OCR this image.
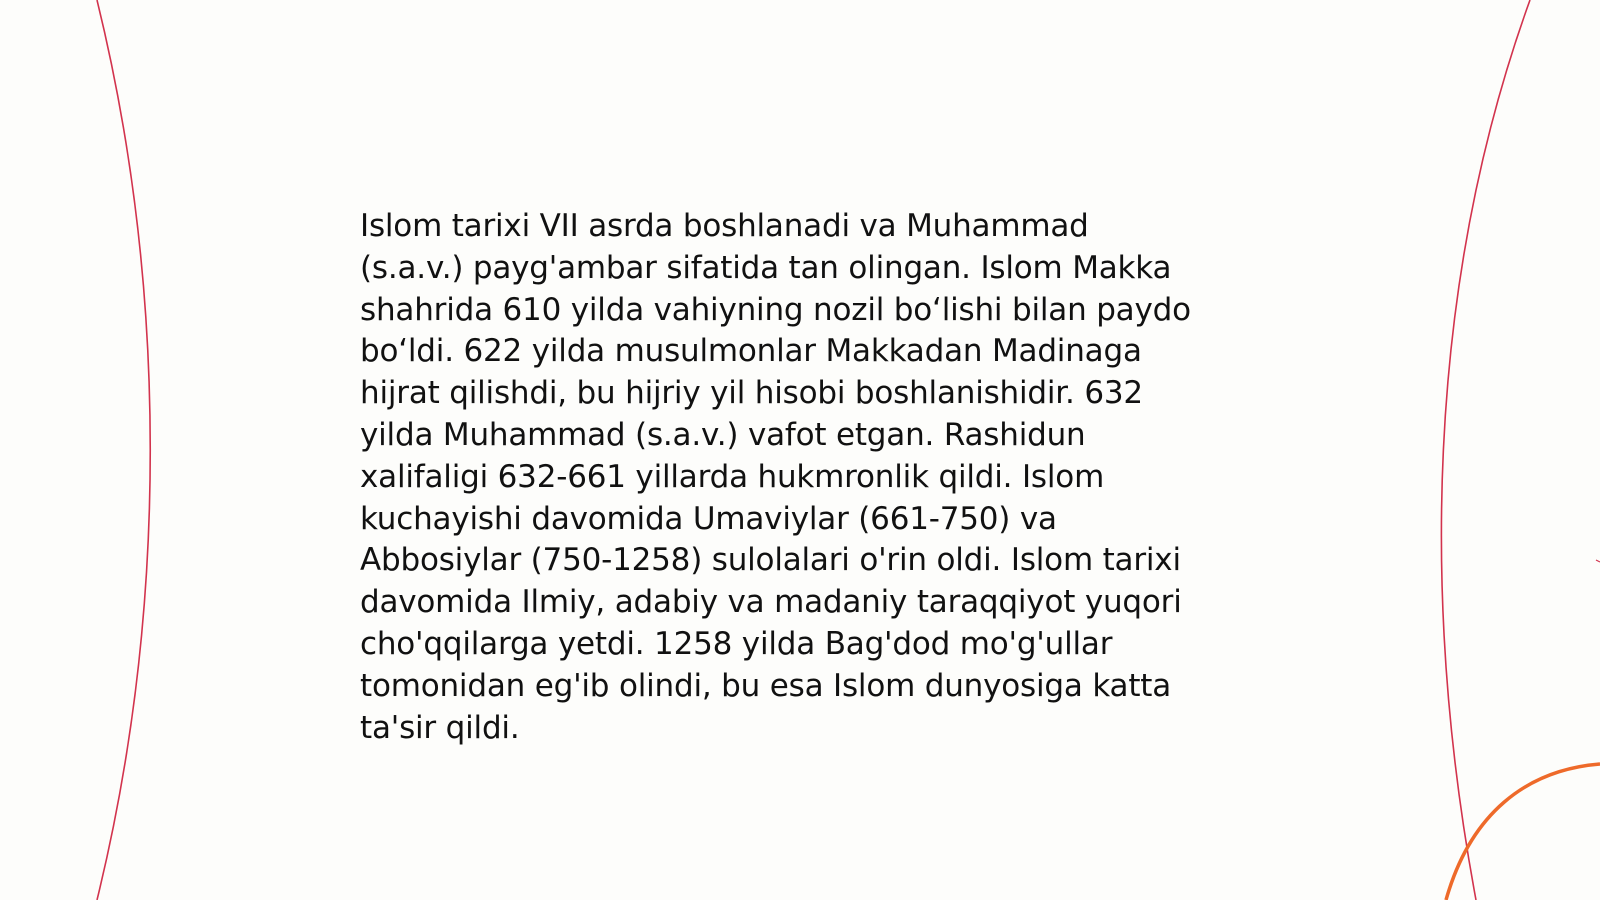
Islom tarixi VII asrda boshlanadi va Muhammad
(s.a.v.) payg'ambar sifatida tan olingan. Islom Makka
shahrida 610 yilda vahiyning nozil bo‘lishi bilan paydo
bo‘ldi. 622 yilda musulmonlar Makkadan Madinaga
hijrat qilishdi, bu hijriy yil hisobi boshlanishidir. 632
yilda Muhammad (s.a.v.) vafot etgan. Rashidun
xalifaligi 632-661 yillarda hukmronlik qildi. Islom
kuchayishi davomida Umaviylar (661-750) va
Abbosiylar (750-1258) sulolalari o'rin oldi. Islom tarixi
davomida Ilmiy, adabiy va madaniy taraqqiyot yuqori
cho'qqilarga yetdi. 1258 yilda Bag'dod mo'g'ullar
tomonidan eg'ib olindi, bu esa Islom dunyosiga katta
ta'sir qildi.
